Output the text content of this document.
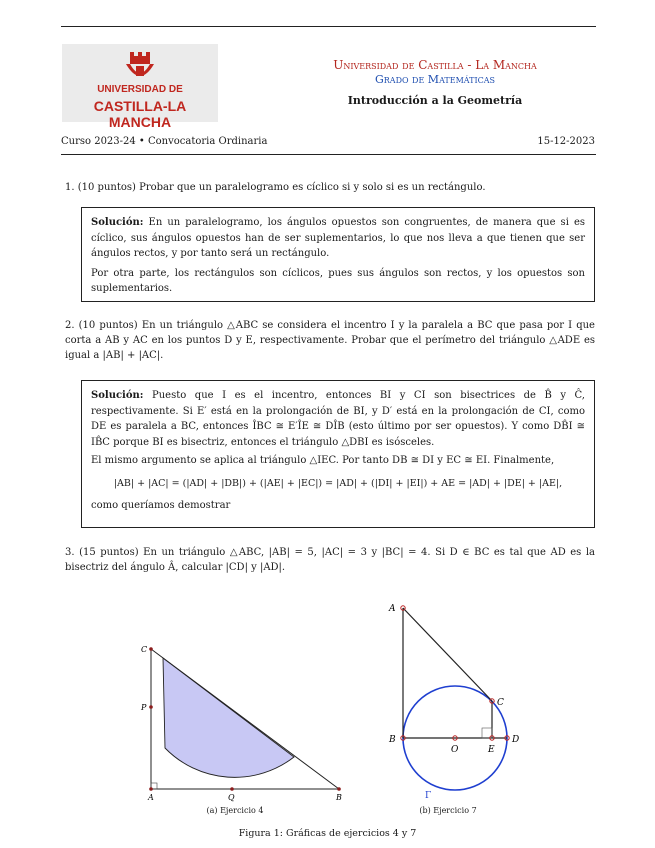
UNIVERSIDAD DE
CASTILLA-LA MANCHA
Universidad de Castilla - La Mancha
Grado de Matemáticas
Introducción a la Geometría
Curso 2023-24 • Convocatoria Ordinaria	15-12-2023
1. (10 puntos) Probar que un paralelogramo es cíclico si y solo si es un rectángulo.

Solución: En un paralelogramo, los ángulos opuestos son congruentes, de manera que si es cíclico, sus ángulos opuestos han de ser suplementarios, lo que nos lleva a que tienen que ser ángulos rectos, y por tanto será un rectángulo.

Por otra parte, los rectángulos son cíclicos, pues sus ángulos son rectos, y los opuestos son suplementarios.

2. (10 puntos) En un triángulo △ABC se considera el incentro I y la paralela a BC que pasa por I que corta a AB y AC en los puntos D y E, respectivamente. Probar que el perímetro del triángulo △ADE es igual a |AB| + |AC|.

Solución: Puesto que I es el incentro, entonces BI y CI son bisectrices de B̂ y Ĉ, respectivamente. Si E′ está en la prolongación de BI, y D′ está en la prolongación de CI, como DE es paralela a BC, entonces ÎBC ≅ E′ÎE ≅ DÎB (esto último por ser opuestos). Y como DB̂I ≅ IB̂C porque BI es bisectriz, entonces el triángulo △DBI es isósceles.

El mismo argumento se aplica al triángulo △IEC. Por tanto DB ≅ DI y EC ≅ EI. Finalmente,

|AB| + |AC| = (|AD| + |DB|) + (|AE| + |EC|) = |AD| + (|DI| + |EI|) + AE = |AD| + |DE| + |AE|,

como queríamos demostrar

3. (15 puntos) En un triángulo △ABC, |AB| = 5, |AC| = 3 y |BC| = 4. Si D ∈ BC es tal que AD es la bisectriz del ángulo Â, calcular |CD| y |AD|.
C
P
A	Q	B
(a) Ejercicio 4
A
C
B
O	E
D
Γ
(b) Ejercicio 7
Figura 1: Gráficas de ejercicios 4 y 7
